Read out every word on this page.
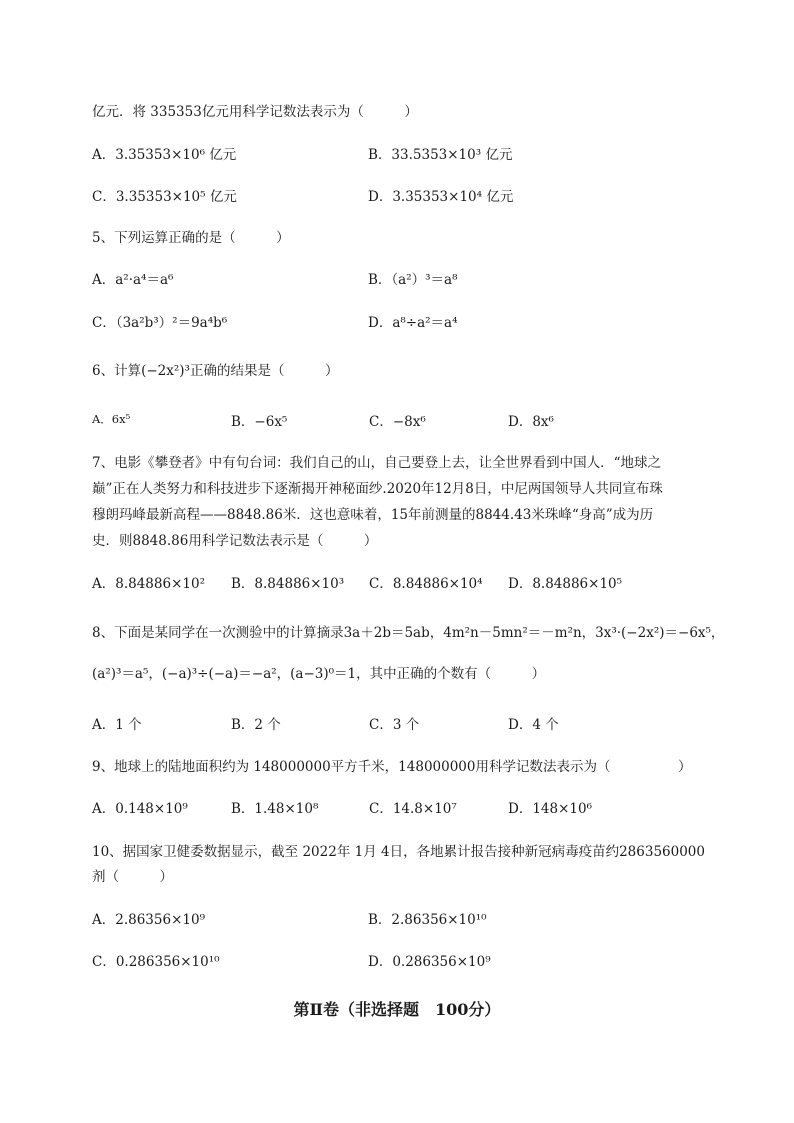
亿元．将 335353亿元用科学记数法表示为（　　　）
A．3.35353×10⁶ 亿元	B．33.5353×10³ 亿元
C．3.35353×10⁵ 亿元	D．3.35353×10⁴ 亿元
5、下列运算正确的是（　　　）
A．a²·a⁴＝a⁶	B．（a²）³＝a⁸
C．（3a²b³）²＝9a⁴b⁶	D．a⁸÷a²＝a⁴
6、计算(−2x²)³正确的结果是（　　　）
A．6x⁵	B．−6x⁵	C．−8x⁶	D．8x⁶
7、电影《攀登者》中有句台词：我们自己的山，自己要登上去，让全世界看到中国人．“地球之
巅”正在人类努力和科技进步下逐渐揭开神秘面纱.2020年12月8日，中尼两国领导人共同宣布珠
穆朗玛峰最新高程——8848.86米．这也意味着，15年前测量的8844.43米珠峰“身高”成为历
史．则8848.86用科学记数法表示是（　　　）
A．8.84886×10² B．8.84886×10³ C．8.84886×10⁴ D．8.84886×10⁵
8、下面是某同学在一次测验中的计算摘录3a＋2b＝5ab，4m²n－5mn²＝－m²n，3x³·(−2x²)＝−6x⁵，
(a²)³＝a⁵，(−a)³÷(−a)＝−a²，(a−3)⁰＝1，其中正确的个数有（　　　）
A．1 个	B．2 个	C．3 个	D．4 个
9、地球上的陆地面积约为 148000000平方千米，148000000用科学记数法表示为（　　　　　）
A．0.148×10⁹	B．1.48×10⁸	C．14.8×10⁷	D．148×10⁶
10、据国家卫健委数据显示，截至 2022年 1月 4日，各地累计报告接种新冠病毒疫苗约2863560000
剂（　　　）
A．2.86356×10⁹	B．2.86356×10¹⁰
C．0.286356×10¹⁰	D．0.286356×10⁹
第Ⅱ卷（非选择题　100分）
